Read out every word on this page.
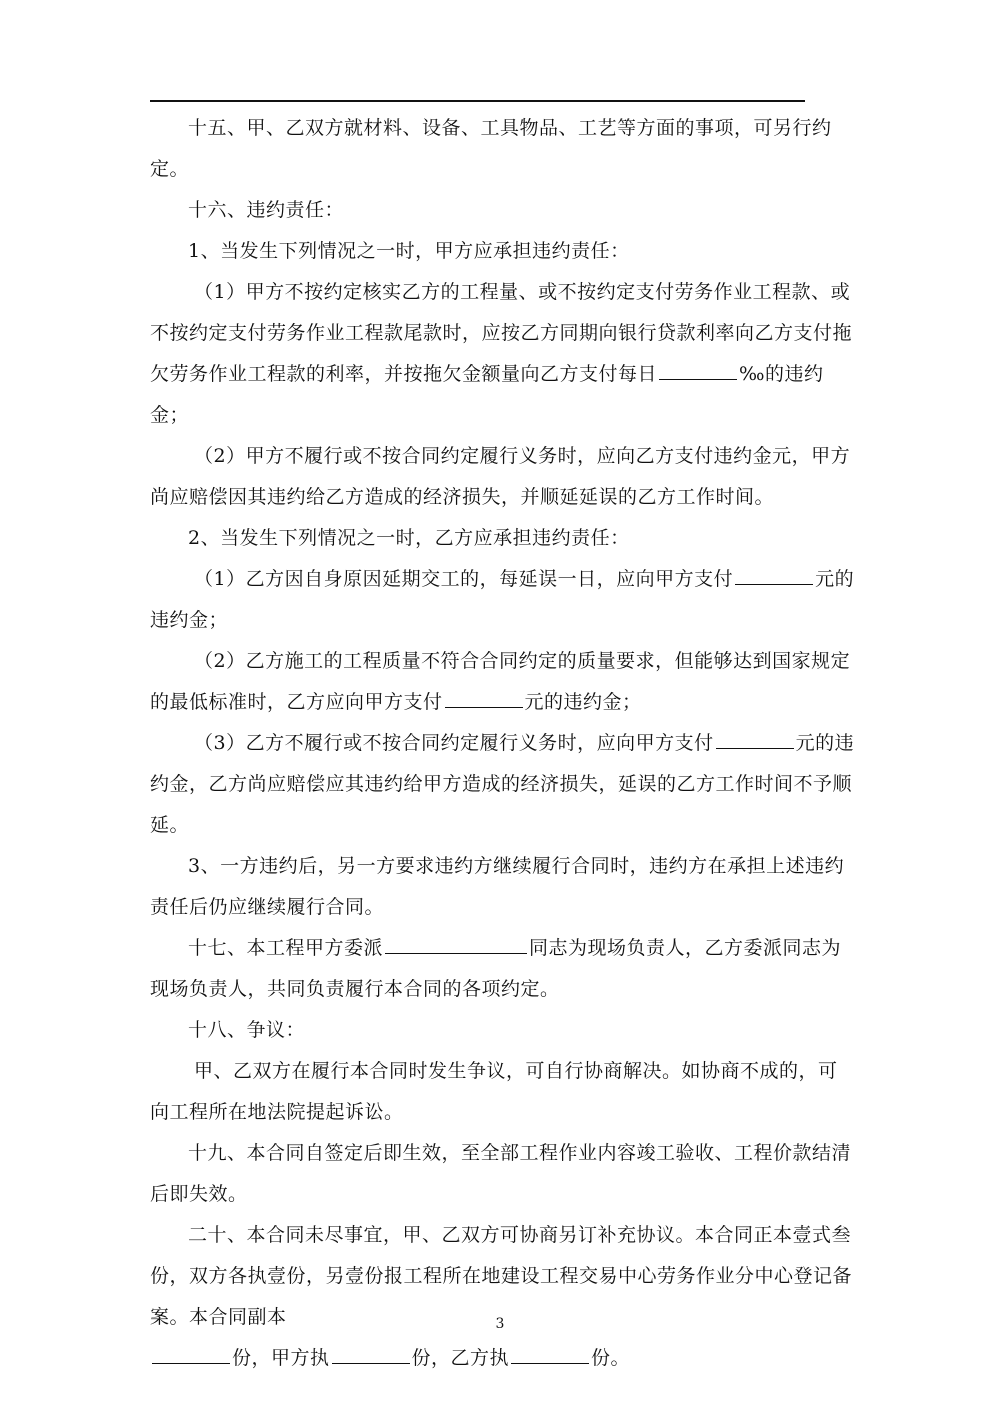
十五、甲、乙双方就材料、设备、工具物品、工艺等方面的事项，可另行约定。

十六、违约责任：

1、当发生下列情况之一时，甲方应承担违约责任：

（1）甲方不按约定核实乙方的工程量、或不按约定支付劳务作业工程款、或不按约定支付劳务作业工程款尾款时，应按乙方同期向银行贷款利率向乙方支付拖欠劳务作业工程款的利率，并按拖欠金额量向乙方支付每日	‰的违约金；

（2）甲方不履行或不按合同约定履行义务时，应向乙方支付违约金元，甲方尚应赔偿因其违约给乙方造成的经济损失，并顺延延误的乙方工作时间。

2、当发生下列情况之一时，乙方应承担违约责任：

（1）乙方因自身原因延期交工的，每延误一日，应向甲方支付	元的违约金；

（2）乙方施工的工程质量不符合合同约定的质量要求，但能够达到国家规定的最低标准时，乙方应向甲方支付	元的违约金；

（3）乙方不履行或不按合同约定履行义务时，应向甲方支付	元的违约金，乙方尚应赔偿应其违约给甲方造成的经济损失，延误的乙方工作时间不予顺延。

3、一方违约后，另一方要求违约方继续履行合同时，违约方在承担上述违约责任后仍应继续履行合同。

十七、本工程甲方委派	同志为现场负责人，乙方委派同志为现场负责人，共同负责履行本合同的各项约定。

十八、争议：

甲、乙双方在履行本合同时发生争议，可自行协商解决。如协商不成的，可向工程所在地法院提起诉讼。

十九、本合同自签定后即生效，至全部工程作业内容竣工验收、工程价款结清后即失效。

二十、本合同未尽事宜，甲、乙双方可协商另订补充协议。本合同正本壹式叁份，双方各执壹份，另壹份报工程所在地建设工程交易中心劳务作业分中心登记备案。本合同副本

份，甲方执	份，乙方执	份。

3
